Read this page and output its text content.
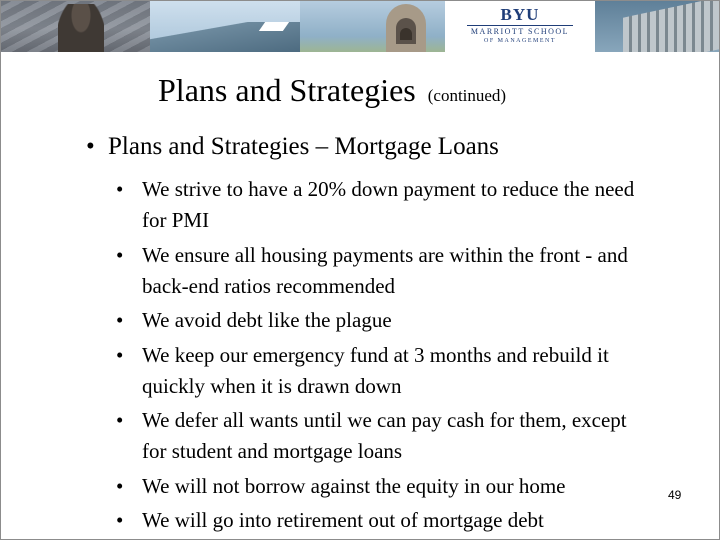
BYU
MARRIOTT SCHOOL
OF MANAGEMENT
Plans and Strategies (continued)
• Plans and Strategies – Mortgage Loans
• We strive to have a 20% down payment to reduce the need for PMI
• We ensure all housing payments are within the front - and back-end ratios recommended
• We avoid debt like the plague
• We keep our emergency fund at 3 months and rebuild it quickly when it is drawn down
• We defer all wants until we can pay cash for them, except for student and mortgage loans
• We will not borrow against the equity in our home
• We will go into retirement out of mortgage debt
49
